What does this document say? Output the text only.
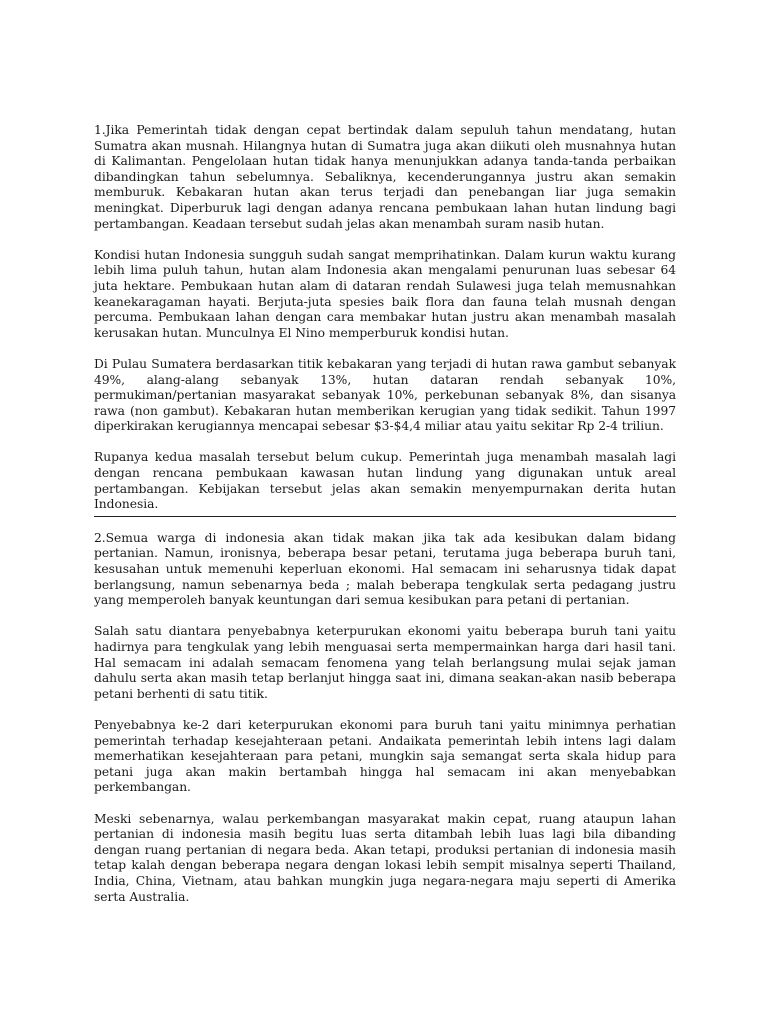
1.Jika Pemerintah tidak dengan cepat bertindak dalam sepuluh tahun mendatang, hutan Sumatra akan musnah. Hilangnya hutan di Sumatra juga akan diikuti oleh musnahnya hutan di Kalimantan. Pengelolaan hutan tidak hanya menunjukkan adanya tanda-tanda perbaikan dibandingkan tahun sebelumnya. Sebaliknya, kecenderungannya justru akan semakin memburuk. Kebakaran hutan akan terus terjadi dan penebangan liar juga semakin meningkat. Diperburuk lagi dengan adanya rencana pembukaan lahan hutan lindung bagi pertambangan. Keadaan tersebut sudah jelas akan menambah suram nasib hutan.

Kondisi hutan Indonesia sungguh sudah sangat memprihatinkan. Dalam kurun waktu kurang lebih lima puluh tahun, hutan alam Indonesia akan mengalami penurunan luas sebesar 64 juta hektare. Pembukaan hutan alam di dataran rendah Sulawesi juga telah memusnahkan keanekaragaman hayati. Berjuta-juta spesies baik flora dan fauna telah musnah dengan percuma. Pembukaan lahan dengan cara membakar hutan justru akan menambah masalah kerusakan hutan. Munculnya El Nino memperburuk kondisi hutan.

Di Pulau Sumatera berdasarkan titik kebakaran yang terjadi di hutan rawa gambut sebanyak 49%, alang-alang sebanyak 13%, hutan dataran rendah sebanyak 10%, permukiman/pertanian masyarakat sebanyak 10%, perkebunan sebanyak 8%, dan sisanya rawa (non gambut). Kebakaran hutan memberikan kerugian yang tidak sedikit. Tahun 1997 diperkirakan kerugiannya mencapai sebesar $3-$4,4 miliar atau yaitu sekitar Rp 2-4 triliun.

Rupanya kedua masalah tersebut belum cukup. Pemerintah juga menambah masalah lagi dengan rencana pembukaan kawasan hutan lindung yang digunakan untuk areal pertambangan. Kebijakan tersebut jelas akan semakin menyempurnakan derita hutan Indonesia.

2.Semua warga di indonesia akan tidak makan jika tak ada kesibukan dalam bidang pertanian. Namun, ironisnya, beberapa besar petani, terutama juga beberapa buruh tani, kesusahan untuk memenuhi keperluan ekonomi. Hal semacam ini seharusnya tidak dapat berlangsung, namun sebenarnya beda ; malah beberapa tengkulak serta pedagang justru yang memperoleh banyak keuntungan dari semua kesibukan para petani di pertanian.

Salah satu diantara penyebabnya keterpurukan ekonomi yaitu beberapa buruh tani yaitu hadirnya para tengkulak yang lebih menguasai serta mempermainkan harga dari hasil tani. Hal semacam ini adalah semacam fenomena yang telah berlangsung mulai sejak jaman dahulu serta akan masih tetap berlanjut hingga saat ini, dimana seakan-akan nasib beberapa petani berhenti di satu titik.

Penyebabnya ke-2 dari keterpurukan ekonomi para buruh tani yaitu minimnya perhatian pemerintah terhadap kesejahteraan petani. Andaikata pemerintah lebih intens lagi dalam memerhatikan kesejahteraan para petani, mungkin saja semangat serta skala hidup para petani juga akan makin bertambah hingga hal semacam ini akan menyebabkan perkembangan.

Meski sebenarnya, walau perkembangan masyarakat makin cepat, ruang ataupun lahan pertanian di indonesia masih begitu luas serta ditambah lebih luas lagi bila dibanding dengan ruang pertanian di negara beda. Akan tetapi, produksi pertanian di indonesia masih tetap kalah dengan beberapa negara dengan lokasi lebih sempit misalnya seperti Thailand, India, China, Vietnam, atau bahkan mungkin juga negara-negara maju seperti di Amerika serta Australia.
